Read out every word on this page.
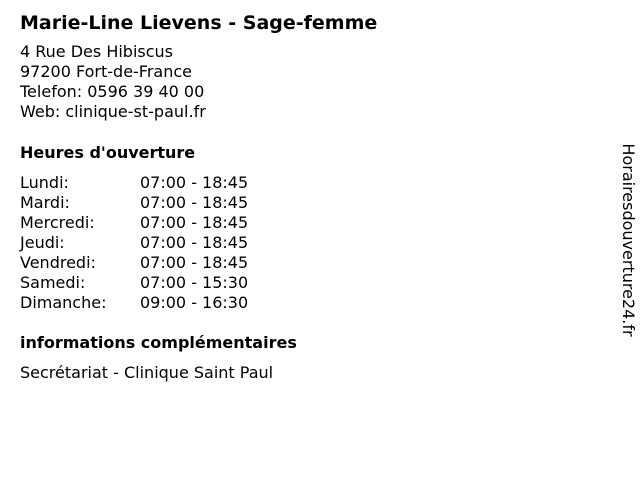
Marie-Line Lievens - Sage-femme
4 Rue Des Hibiscus
97200 Fort-de-France
Telefon: 0596 39 40 00
Web: clinique-st-paul.fr
Heures d'ouverture
Lundi:	07:00 - 18:45
Mardi:	07:00 - 18:45
Mercredi:	07:00 - 18:45
Jeudi:	07:00 - 18:45
Vendredi:	07:00 - 18:45
Samedi:	07:00 - 15:30
Dimanche:	09:00 - 16:30
informations complémentaires
Secrétariat - Clinique Saint Paul
Horairesdouverture24.fr
